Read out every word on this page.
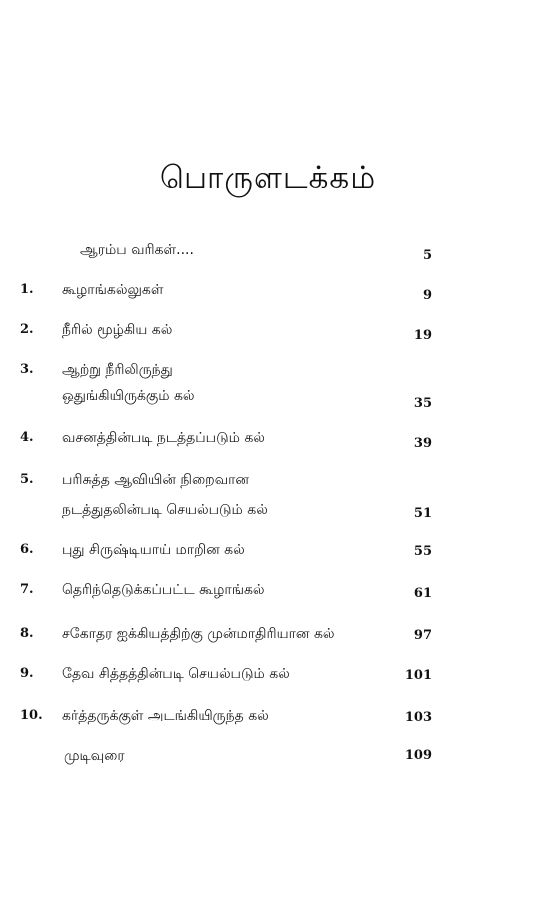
பொருளடக்கம்
ஆரம்ப வரிகள்....	5
1. கூழாங்கல்லுகள்	9
2. நீரில் மூழ்கிய கல்	19
3. ஆற்று நீரிலிருந்து
ஒதுங்கியிருக்கும் கல்	35
4. வசனத்தின்படி நடத்தப்படும் கல்	39
5. பரிசுத்த ஆவியின் நிறைவான
நடத்துதலின்படி செயல்படும் கல்	51
6. புது சிருஷ்டியாய் மாறின கல்	55
7. தெரிந்தெடுக்கப்பட்ட கூழாங்கல்	61
8. சகோதர ஐக்கியத்திற்கு முன்மாதிரியான கல்	97
9. தேவ சித்தத்தின்படி செயல்படும் கல்	101
10. கர்த்தருக்குள் அடங்கியிருந்த கல்	103
முடிவுரை	109
